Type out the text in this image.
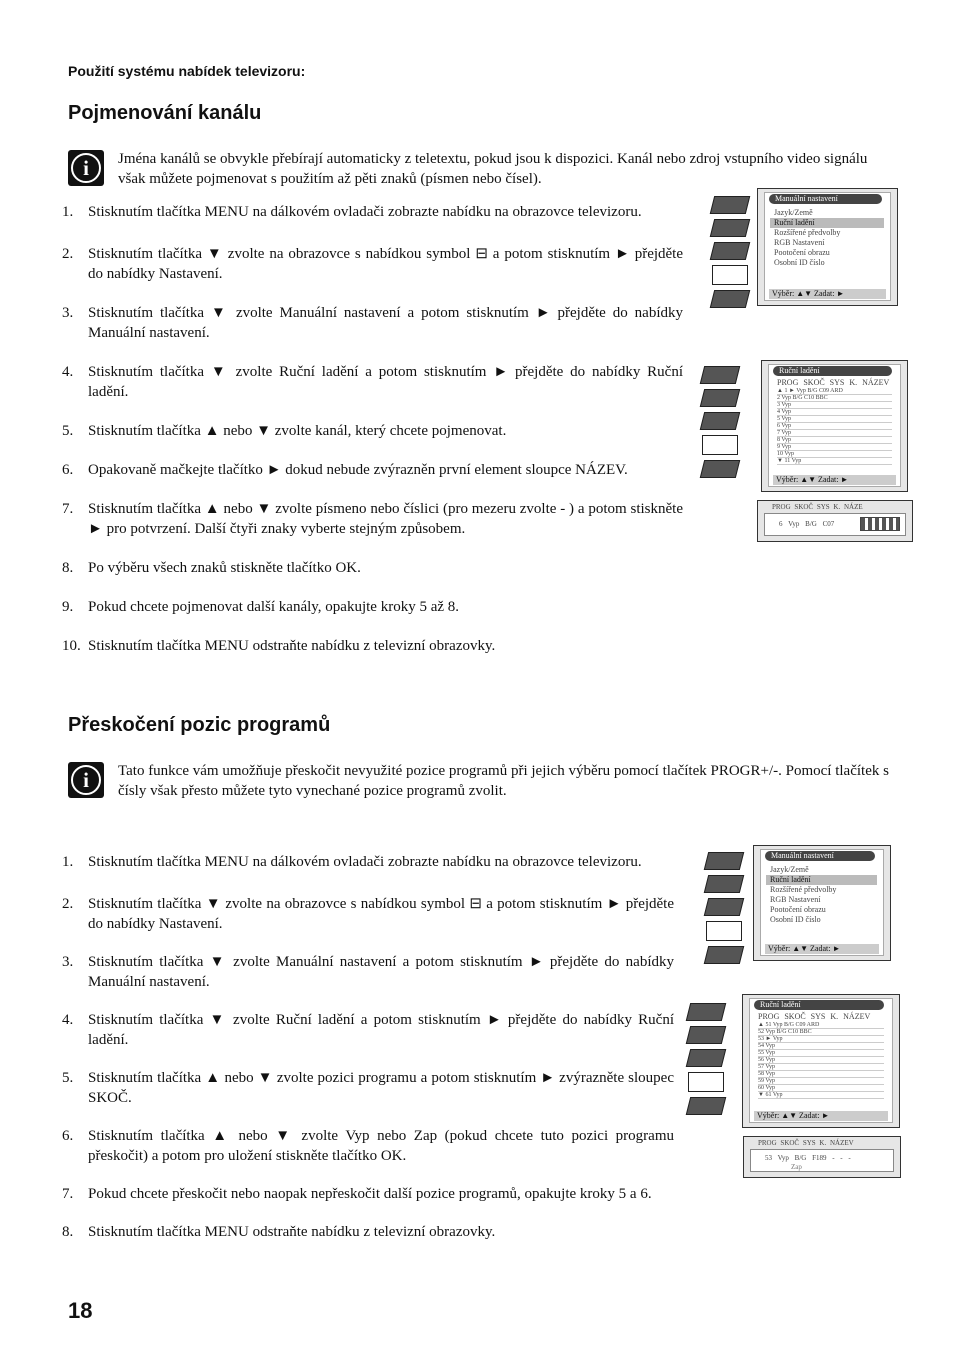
Použití systému nabídek televizoru:
Pojmenování kanálu
i	Jména kanálů se obvykle přebírají automaticky z teletextu, pokud jsou k dispozici. Kanál nebo zdroj vstupního video signálu však můžete pojmenovat s použitím až pěti znaků (písmen nebo čísel).
1. Stisknutím tlačítka MENU na dálkovém ovladači zobrazte nabídku na obrazovce televizoru.
2. Stisknutím tlačítka ▼ zvolte na obrazovce s nabídkou symbol ⊟ a potom stisknutím ► přejděte do nabídky Nastavení.
3. Stisknutím tlačítka ▼ zvolte Manuální nastavení a potom stisknutím ► přejděte do nabídky Manuální nastavení.
4. Stisknutím tlačítka ▼ zvolte Ruční ladění a potom stisknutím ► přejděte do nabídky Ruční ladění.
5. Stisknutím tlačítka ▲ nebo ▼ zvolte kanál, který chcete pojmenovat.
6. Opakovaně mačkejte tlačítko ► dokud nebude zvýrazněn první element sloupce NÁZEV.
7. Stisknutím tlačítka ▲ nebo ▼ zvolte písmeno nebo číslici (pro mezeru zvolte - ) a potom stiskněte ► pro potvrzení. Další čtyři znaky vyberte stejným způsobem.
8. Po výběru všech znaků stiskněte tlačítko OK.
9. Pokud chcete pojmenovat další kanály, opakujte kroky 5 až 8.
10. Stisknutím tlačítka MENU odstraňte nabídku z televizní obrazovky.
Manuální nastavení
Jazyk/Země
Ruční ladění
Rozšířené předvolby
RGB Nastavení
Pootočení obrazu
Osobní ID číslo
Výběr: ▲▼ Zadat: ►
Ruční ladění
PROG SKOČ SYS K. NÁZEV
▲ 1 ► Vyp B/G C09 ARD
2 Vyp B/G C10 BBC
3 Vyp
4 Vyp
5 Vyp
6 Vyp
7 Vyp
8 Vyp
9 Vyp
10 Vyp
▼ 11 Vyp
Výběr: ▲▼ Zadat: ►
PROG SKOČ SYS K. NÁZE
6 Vyp B/G C07
Přeskočení pozic programů
i	Tato funkce vám umožňuje přeskočit nevyužité pozice programů při jejich výběru pomocí tlačítek PROGR+/-. Pomocí tlačítek s čísly však přesto můžete tyto vynechané pozice programů zvolit.
1. Stisknutím tlačítka MENU na dálkovém ovladači zobrazte nabídku na obrazovce televizoru.
2. Stisknutím tlačítka ▼ zvolte na obrazovce s nabídkou symbol ⊟ a potom stisknutím ► přejděte do nabídky Nastavení.
3. Stisknutím tlačítka ▼ zvolte Manuální nastavení a potom stisknutím ► přejděte do nabídky Manuální nastavení.
4. Stisknutím tlačítka ▼ zvolte Ruční ladění a potom stisknutím ► přejděte do nabídky Ruční ladění.
5. Stisknutím tlačítka ▲ nebo ▼ zvolte pozici programu a potom stisknutím ► zvýrazněte sloupec SKOČ.
6. Stisknutím tlačítka ▲ nebo ▼ zvolte Vyp nebo Zap (pokud chcete tuto pozici programu přeskočit) a potom pro uložení stiskněte tlačítko OK.
7. Pokud chcete přeskočit nebo naopak nepřeskočit další pozice programů, opakujte kroky 5 a 6.
8. Stisknutím tlačítka MENU odstraňte nabídku z televizní obrazovky.
Manuální nastavení
Jazyk/Země
Ruční ladění
Rozšířené předvolby
RGB Nastavení
Pootočení obrazu
Osobní ID číslo
Výběr: ▲▼ Zadat: ►
Ruční ladění
PROG SKOČ SYS K. NÁZEV
▲ 51 Vyp B/G C09 ARD
52 Vyp B/G C10 BBC
53 ► Vyp
54 Vyp
55 Vyp
56 Vyp
57 Vyp
58 Vyp
59 Vyp
60 Vyp
▼ 61 Vyp
Výběr: ▲▼ Zadat: ►
PROG SKOČ SYS K. NÁZEV
53 Vyp B/G F189 - - -
Zap
18
